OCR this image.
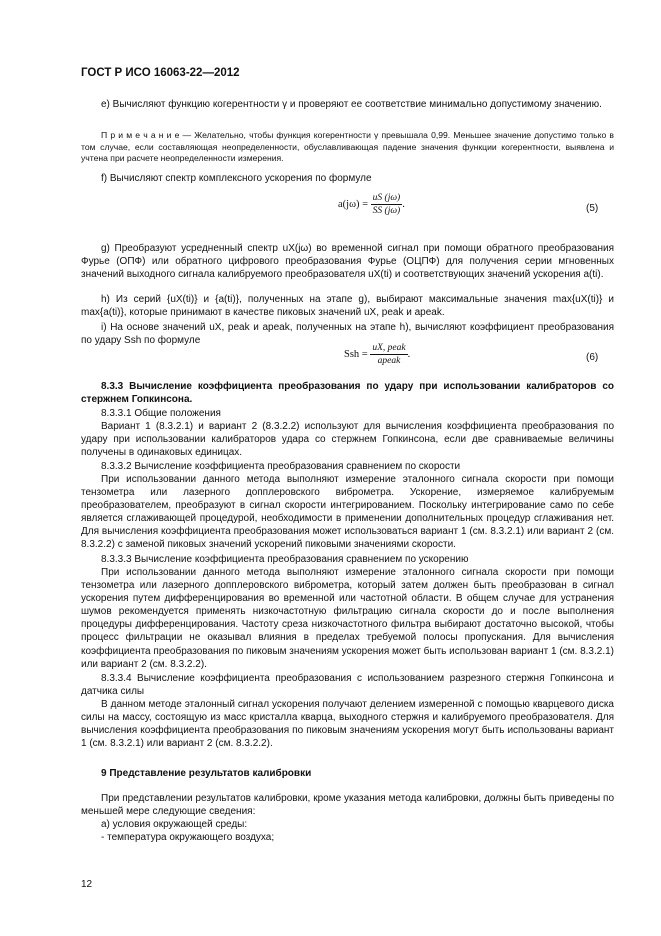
ГОСТ Р ИСО 16063-22—2012

e) Вычисляют функцию когерентности γ и проверяют ее соответствие минимально допустимому значению.

П р и м е ч а н и е — Желательно, чтобы функция когерентности γ превышала 0,99. Меньшее значение допустимо только в том случае, если составляющая неопределенности, обуславливающая падение значения функции когерентности, выявлена и учтена при расчете неопределенности измерения.

f) Вычисляют спектр комплексного ускорения по формуле

$a(j\omega) = \frac{uS (j\omega)}{SS (j\omega)}$ .	(5)

g) Преобразуют усредненный спектр uX(jω) во временной сигнал при помощи обратного преобразования Фурье (ОПФ) или обратного цифрового преобразования Фурье (ОЦПФ) для получения серии мгновенных значений выходного сигнала калибруемого преобразователя uX(ti) и соответствующих значений ускорения a(ti).

h) Из серий {uX(ti)} и {a(ti)}, полученных на этапе g), выбирают максимальные значения max{uX(ti)} и max{a(ti)}, которые принимают в качестве пиковых значений uX, peak и apeak.

i) На основе значений uX, peak и apeak, полученных на этапе h), вычисляют коэффициент преобразования по удару Ssh по формуле

Ssh = $\frac{\text{uX, peak}}{\text{apeak}}$ .	(6)

8.3.3 Вычисление коэффициента преобразования по удару при использовании калибраторов со стержнем Гопкинсона.

8.3.3.1 Общие положения

Вариант 1 (8.3.2.1) и вариант 2 (8.3.2.2) используют для вычисления коэффициента преобразования по удару при использовании калибраторов удара со стержнем Гопкинсона, если две сравниваемые величины получены в одинаковых единицах.

8.3.3.2 Вычисление коэффициента преобразования сравнением по скорости

При использовании данного метода выполняют измерение эталонного сигнала скорости при помощи тензометра или лазерного допплеровского виброметра. Ускорение, измеряемое калибруемым преобразователем, преобразуют в сигнал скорости интегрированием. Поскольку интегрирование само по себе является сглаживающей процедурой, необходимости в применении дополнительных процедур сглаживания нет. Для вычисления коэффициента преобразования может использоваться вариант 1 (см. 8.3.2.1) или вариант 2 (см. 8.3.2.2) с заменой пиковых значений ускорений пиковыми значениями скорости.

8.3.3.3 Вычисление коэффициента преобразования сравнением по ускорению

При использовании данного метода выполняют измерение эталонного сигнала скорости при помощи тензометра или лазерного допплеровского виброметра, который затем должен быть преобразован в сигнал ускорения путем дифференцирования во временной или частотной области. В общем случае для устранения шумов рекомендуется применять низкочастотную фильтрацию сигнала скорости до и после выполнения процедуры дифференцирования. Частоту среза низкочастотного фильтра выбирают достаточно высокой, чтобы процесс фильтрации не оказывал влияния в пределах требуемой полосы пропускания. Для вычисления коэффициента преобразования по пиковым значениям ускорения может быть использован вариант 1 (см. 8.3.2.1) или вариант 2 (см. 8.3.2.2).

8.3.3.4 Вычисление коэффициента преобразования с использованием разрезного стержня Гопкинсона и датчика силы

В данном методе эталонный сигнал ускорения получают делением измеренной с помощью кварцевого диска силы на массу, состоящую из масс кристалла кварца, выходного стержня и калибруемого преобразователя. Для вычисления коэффициента преобразования по пиковым значениям ускорения могут быть использованы вариант 1 (см. 8.3.2.1) или вариант 2 (см. 8.3.2.2).

9 Представление результатов калибровки

При представлении результатов калибровки, кроме указания метода калибровки, должны быть приведены по меньшей мере следующие сведения:

a) условия окружающей среды:

- температура окружающего воздуха;

12
